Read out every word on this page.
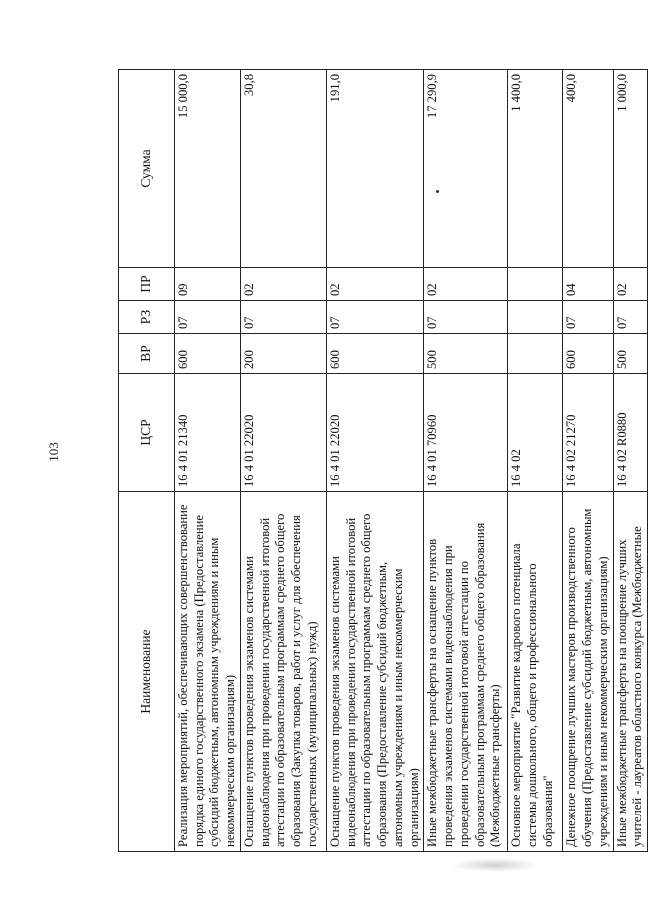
103
Наименование	ЦСР	ВР	РЗ	ПР	Сумма
Реализация мероприятий, обеспечивающих совершенствование порядка единого государственного экзамена (Предоставление субсидий бюджетным, автономным учреждениям и иным некоммерческим организациям)	16 4 01 21340	600	07	09	15 000,0
Оснащение пунктов проведения экзаменов системами видеонаблюдения при проведении государственной итоговой аттестации по образовательным программам среднего общего образования (Закупка товаров, работ и услуг для обеспечения государственных (муниципальных) нужд)	16 4 01 22020	200	07	02	30,8
Оснащение пунктов проведения экзаменов системами видеонаблюдения при проведении государственной итоговой аттестации по образовательным программам среднего общего образования (Предоставление субсидий бюджетным, автономным учреждениям и иным некоммерческим организациям)	16 4 01 22020	600	07	02	191,0
Иные межбюджетные трансферты на оснащение пунктов проведения экзаменов системами видеонаблюдения при проведении государственной итоговой аттестации по образовательным программам среднего общего образования (Межбюджетные трансферты)	16 4 01 70960	500	07	02	17 290,9
Основное мероприятие "Развитие кадрового потенциала системы дошкольного, общего и профессионального образования"	16 4 02				1 400,0
Денежное поощрение лучших мастеров производственного обучения (Предоставление субсидий бюджетным, автономным учреждениям и иным некоммерческим организациям)	16 4 02 21270	600	07	04	400,0
Иные межбюджетные трансферты на поощрение лучших учителей - лауреатов областного конкурса (Межбюджетные	16 4 02 R0880	500	07	02	1 000,0
